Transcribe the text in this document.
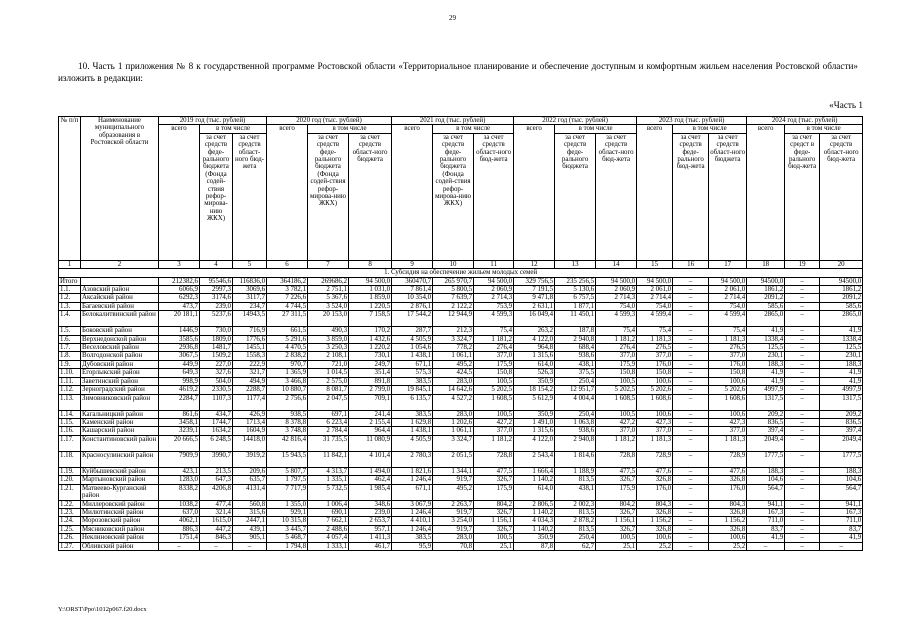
29

10. Часть 1 приложения № 8 к государственной программе Ростовской области «Территориальное планирование и обеспечение доступным и комфортным жильем населения Ростовской области» изложить в редакции:

«Часть 1
№ п/п	Наименование муниципального образования в Ростовской области	2019 год (тыс. рублей)			2020 год (тыс. рублей)			2021 год (тыс. рублей)			2022 год (тыс. рублей)			2023 год (тыс. рублей)			2024 год (тыс. рублей)		
		всего	в том числе		всего	в том числе		всего	в том числе		всего	в том числе		всего	в том числе		всего	в том числе	
			за счет средств феде-рального бюджета (Фонда содей-ствия рефор-мирова-нию ЖКХ)	за счет средств област-ного бюд-жета		за счет средств феде-рального бюджета (Фонда содей-ствия рефор-мирова-нию ЖКХ)	за счет средств област-ного бюджета		за счет средств феде-рального бюджета (Фонда содей-ствия рефор-мирова-нию ЖКХ)	за счет средств област-ного бюд-жета		за счет средств феде-рального бюджета	за счет средств област-ного бюд-жета		за счет средств феде-рального бюд-жета	за счет средств област-ного бюджета		за счет средст в феде-рального бюд-жета	за счет средств област-ного бюд-жета
1	2	3	4	5	6	7	8	9	10	11	12	13	14	15	16	17	18	19	20
1. Субсидия на обеспечение жильем молодых семей																			
Итого		212382,6	95546,6	116836,0	364186,2	269686,2	94 500,0	360470,7	265 970,7	94 500,0	329 756,5	235 256,5	94 500,0	94 500,0	–	94 500,0	94500,0	–	94500,0
1.1.	Азовский район	6066,9	2997,3	3069,6	3 782,1	2 751,1	1 031,0	7 861,4	5 800,5	2 060,9	7 191,5	5 130,6	2 060,9	2 061,0	–	2 061,0	1861,2	–	1861,2
1.2.	Аксайский район	6292,3	3174,6	3117,7	7 226,6	5 367,6	1 859,0	10 354,0	7 639,7	2 714,3	9 471,8	6 757,5	2 714,3	2 714,4	–	2 714,4	2091,2	–	2091,2
1.3.	Багаевский район	473,7	239,0	234,7	4 744,5	3 524,0	1 220,5	2 876,1	2 122,2	753,9	2 631,1	1 877,1	754,0	754,0	–	754,0	585,6	–	585,6
1.4.	Белокалитвинский район	20 181,1	5237,6	14943,5	27 311,5	20 153,0	7 158,5	17 544,2	12 944,9	4 599,3	16 049,4	11 450,1	4 599,3	4 599,4	–	4 599,4	2865,0	–	2865,0
1.5.	Боковский район	1446,9	730,0	716,9	661,5	490,3	170,2	287,7	212,3	75,4	263,2	187,8	75,4	75,4	–	75,4	41,9	–	41,9
1.6.	Верхнедонской район	3585,6	1809,0	1776,6	5 291,6	3 859,0	1 432,6	4 505,9	3 324,7	1 181,2	4 122,0	2 940,8	1 181,2	1 181,3	–	1 181,3	1338,4	–	1338,4
1.7.	Веселовский район	2936,8	1481,7	1455,1	4 470,5	3 250,3	1 220,2	1 054,6	778,2	276,4	964,8	688,4	276,4	276,5	–	276,5	125,5	–	125,5
1.8.	Волгодонской район	3067,5	1509,2	1558,3	2 838,2	2 108,1	730,1	1 438,1	1 061,1	377,0	1 315,6	938,6	377,0	377,0	–	377,0	230,1	–	230,1
1.9.	Дубовский район	449,9	227,0	222,9	970,7	721,0	249,7	671,1	495,2	175,9	614,0	438,1	175,9	176,0	–	176,0	188,3	–	188,3
1.10.	Егорлыкский район	649,3	327,6	321,7	1 365,9	1 014,5	351,4	575,3	424,5	150,8	526,3	375,5	150,8	150,8	–	150,8	41,9	–	41,9
1.11.	Заветинский район	998,9	504,0	494,9	3 466,8	2 575,0	891,8	383,5	283,0	100,5	350,9	250,4	100,5	100,6	–	100,6	41,9	–	41,9
1.12.	Зерноградский район	4619,2	2330,5	2288,7	10 880,7	8 081,7	2 799,0	19 845,1	14 642,6	5 202,5	18 154,2	12 951,7	5 202,5	5 202,6	–	5 202,6	4997,9	–	4997,9
1.13.	Зимовниковский район	2284,7	1107,3	1177,4	2 756,6	2 047,5	709,1	6 135,7	4 527,2	1 608,5	5 612,9	4 004,4	1 608,5	1 608,6	–	1 608,6	1317,5	–	1317,5
1.14.	Кагальницкий район	861,6	434,7	426,9	938,5	697,1	241,4	383,5	283,0	100,5	350,9	250,4	100,5	100,6	–	100,6	209,2	–	209,2
1.15.	Каменский район	3458,1	1744,7	1713,4	8 378,8	6 223,4	2 155,4	1 629,8	1 202,6	427,2	1 491,0	1 063,8	427,2	427,3	–	427,3	836,5	–	836,5
1.16.	Кашарский район	3239,1	1634,2	1604,9	3 748,8	2 784,4	964,4	1 438,1	1 061,1	377,0	1 315,6	938,6	377,0	377,0	–	377,0	397,4	–	397,4
1.17.	Константиновский район	20 666,5	6 248,5	14418,0	42 816,4	31 735,5	11 080,9	4 505,9	3 324,7	1 181,2	4 122,0	2 940,8	1 181,2	1 181,3	–	1 181,3	2049,4	–	2049,4
1.18.	Красносулинский район	7909,9	3990,7	3919,2	15 943,5	11 842,1	4 101,4	2 780,3	2 051,5	728,8	2 543,4	1 814,6	728,8	728,9	–	728,9	1777,5	–	1777,5
1.19.	Куйбышевский район	423,1	213,5	209,6	5 807,7	4 313,7	1 494,0	1 821,6	1 344,1	477,5	1 666,4	1 188,9	477,5	477,6	–	477,6	188,3	–	188,3
1.20.	Мартыновский район	1283,0	647,3	635,7	1 797,5	1 335,1	462,4	1 246,4	919,7	326,7	1 140,2	813,5	326,7	326,8	–	326,8	104,6	–	104,6
1.21.	Матвеево-Курганский район	8338,2	4206,8	4131,4	7 717,9	5 732,5	1 985,4	671,1	495,2	175,9	614,0	438,1	175,9	176,0	–	176,0	564,7	–	564,7
1.22.	Миллеровский район	1038,2	477,4	560,8	1 355,0	1 006,4	348,6	3 067,9	2 263,7	804,2	2 806,5	2 002,3	804,2	804,3	–	804,3	941,1	–	941,1
1.23.	Милютинский район	637,0	321,4	315,6	929,1	690,1	239,0	1 246,4	919,7	326,7	1 140,2	813,5	326,7	326,8	–	326,8	167,3	–	167,3
1.24.	Морозовский район	4062,1	1615,0	2447,1	10 315,8	7 662,1	2 653,7	4 410,1	3 254,0	1 156,1	4 034,3	2 878,2	1 156,1	1 156,2	–	1 156,2	711,0	–	711,0
1.25.	Мясниковский район	886,3	447,2	439,1	3 445,7	2 488,6	957,1	1 246,4	919,7	326,7	1 140,2	813,5	326,7	326,8	–	326,8	83,7	–	83,7
1.26.	Неклиновский район	1751,4	846,3	905,1	5 468,7	4 057,4	1 411,3	383,5	283,0	100,5	350,9	250,4	100,5	100,6	–	100,6	41,9	–	41,9
1.27.	Обливский район	–	–	–	1 794,8	1 333,1	461,7	95,9	70,8	25,1	87,8	62,7	25,1	25,2	–	25,2	–	–	–
Y:\ORST\Ppo\1012p067.f20.docx
